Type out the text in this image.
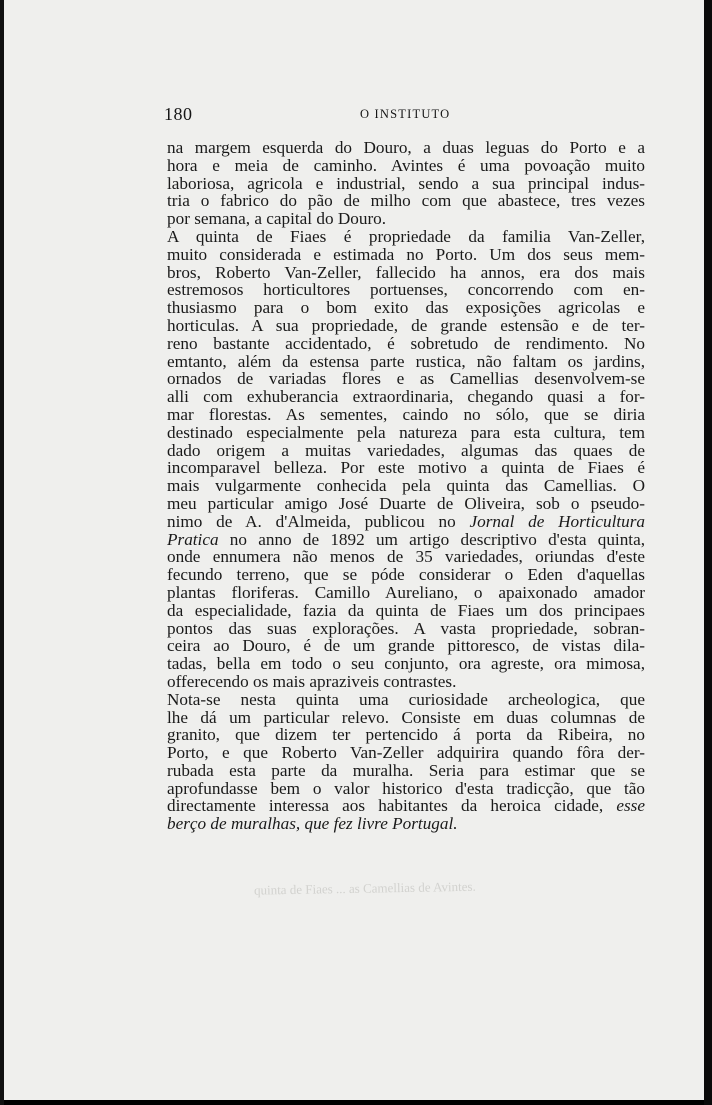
180	O INSTITUTO
na margem esquerda do Douro, a duas leguas do Porto e a
hora e meia de caminho. Avintes é uma povoação muito
laboriosa, agricola e industrial, sendo a sua principal indus-
tria o fabrico do pão de milho com que abastece, tres vezes
por semana, a capital do Douro.
A quinta de Fiaes é propriedade da familia Van-Zeller,
muito considerada e estimada no Porto. Um dos seus mem-
bros, Roberto Van-Zeller, fallecido ha annos, era dos mais
estremosos horticultores portuenses, concorrendo com en-
thusiasmo para o bom exito das exposições agricolas e
horticulas. A sua propriedade, de grande estensão e de ter-
reno bastante accidentado, é sobretudo de rendimento. No
emtanto, além da estensa parte rustica, não faltam os jardins,
ornados de variadas flores e as Camellias desenvolvem-se
alli com exhuberancia extraordinaria, chegando quasi a for-
mar florestas. As sementes, caindo no sólo, que se diria
destinado especialmente pela natureza para esta cultura, tem
dado origem a muitas variedades, algumas das quaes de
incomparavel belleza. Por este motivo a quinta de Fiaes é
mais vulgarmente conhecida pela quinta das Camellias. O
meu particular amigo José Duarte de Oliveira, sob o pseudo-
nimo de A. d'Almeida, publicou no Jornal de Horticultura
Pratica no anno de 1892 um artigo descriptivo d'esta quinta,
onde ennumera não menos de 35 variedades, oriundas d'este
fecundo terreno, que se póde considerar o Eden d'aquellas
plantas floriferas. Camillo Aureliano, o apaixonado amador
da especialidade, fazia da quinta de Fiaes um dos principaes
pontos das suas explorações. A vasta propriedade, sobran-
ceira ao Douro, é de um grande pittoresco, de vistas dila-
tadas, bella em todo o seu conjunto, ora agreste, ora mimosa,
offerecendo os mais apraziveis contrastes.
Nota-se nesta quinta uma curiosidade archeologica, que
lhe dá um particular relevo. Consiste em duas columnas de
granito, que dizem ter pertencido á porta da Ribeira, no
Porto, e que Roberto Van-Zeller adquirira quando fôra der-
rubada esta parte da muralha. Seria para estimar que se
aprofundasse bem o valor historico d'esta tradicção, que tão
directamente interessa aos habitantes da heroica cidade, esse
berço de muralhas, que fez livre Portugal.
quinta de Fiaes ... as Camellias de Avintes.
